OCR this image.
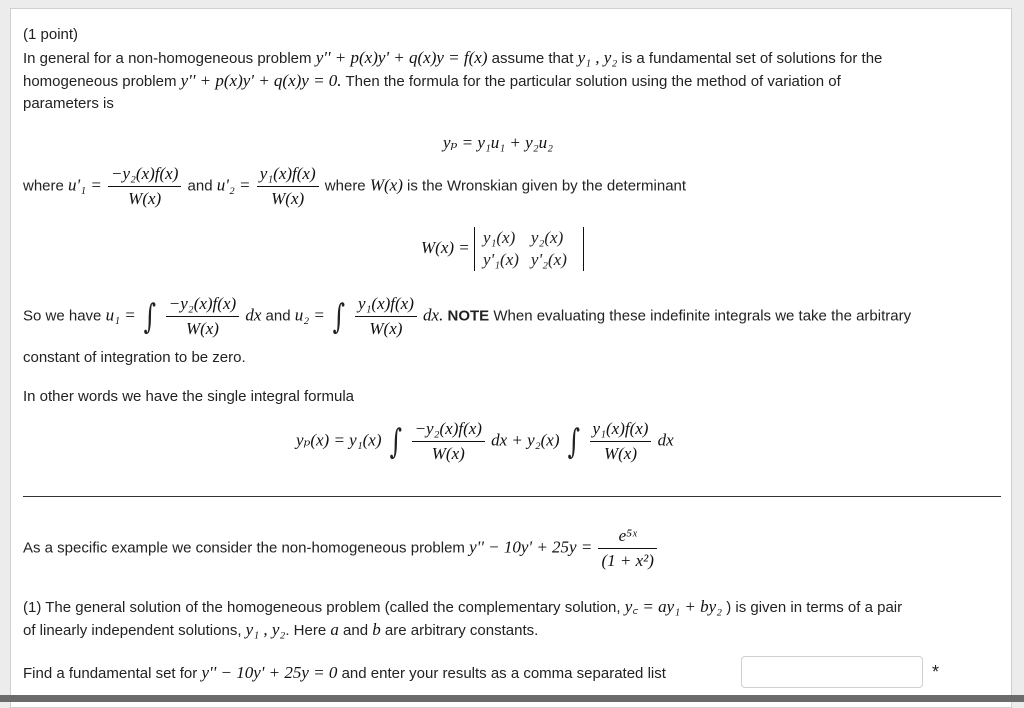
(1 point)
In general for a non-homogeneous problem y'' + p(x)y' + q(x)y = f(x) assume that y₁ , y₂ is a fundamental set of solutions for the
homogeneous problem y'' + p(x)y' + q(x)y = 0. Then the formula for the particular solution using the method of variation of
parameters is
yₚ = y₁u₁ + y₂u₂
where $u'_1 = \frac{\text{−y₂(x)f(x)}}{W(x)}$ and $u'_2 = \frac{\text{y₁(x)f(x)}}{W(x)}$ where W(x) is the Wronskian given by the determinant
W(x) =
y₁(x)	y₂(x)
y'₁(x)	y'₂(x)
So we have u₁ = ∫ $\frac{\text{−y₂(x)f(x)}}{W(x)}$ dx and u₂ = ∫ $\frac{\text{y₁(x)f(x)}}{W(x)}$ dx. NOTE When evaluating these indefinite integrals we take the arbitrary
constant of integration to be zero.
In other words we have the single integral formula
yₚ(x) = y₁(x) ∫ $\frac{\text{−y₂(x)f(x)}}{W(x)}$ dx + y₂(x) ∫ $\frac{\text{y₁(x)f(x)}}{W(x)}$ dx
As a specific example we consider the non-homogeneous problem $y'' - 10y' + 25y = \frac{\text{e⁵ˣ}}{\text{(1 + x²)}}$
(1) The general solution of the homogeneous problem (called the complementary solution, y꜀ = ay₁ + by₂ ) is given in terms of a pair
of linearly independent solutions, y₁ , y₂. Here a and b are arbitrary constants.
Find a fundamental set for y'' − 10y' + 25y = 0 and enter your results as a comma separated list	*
